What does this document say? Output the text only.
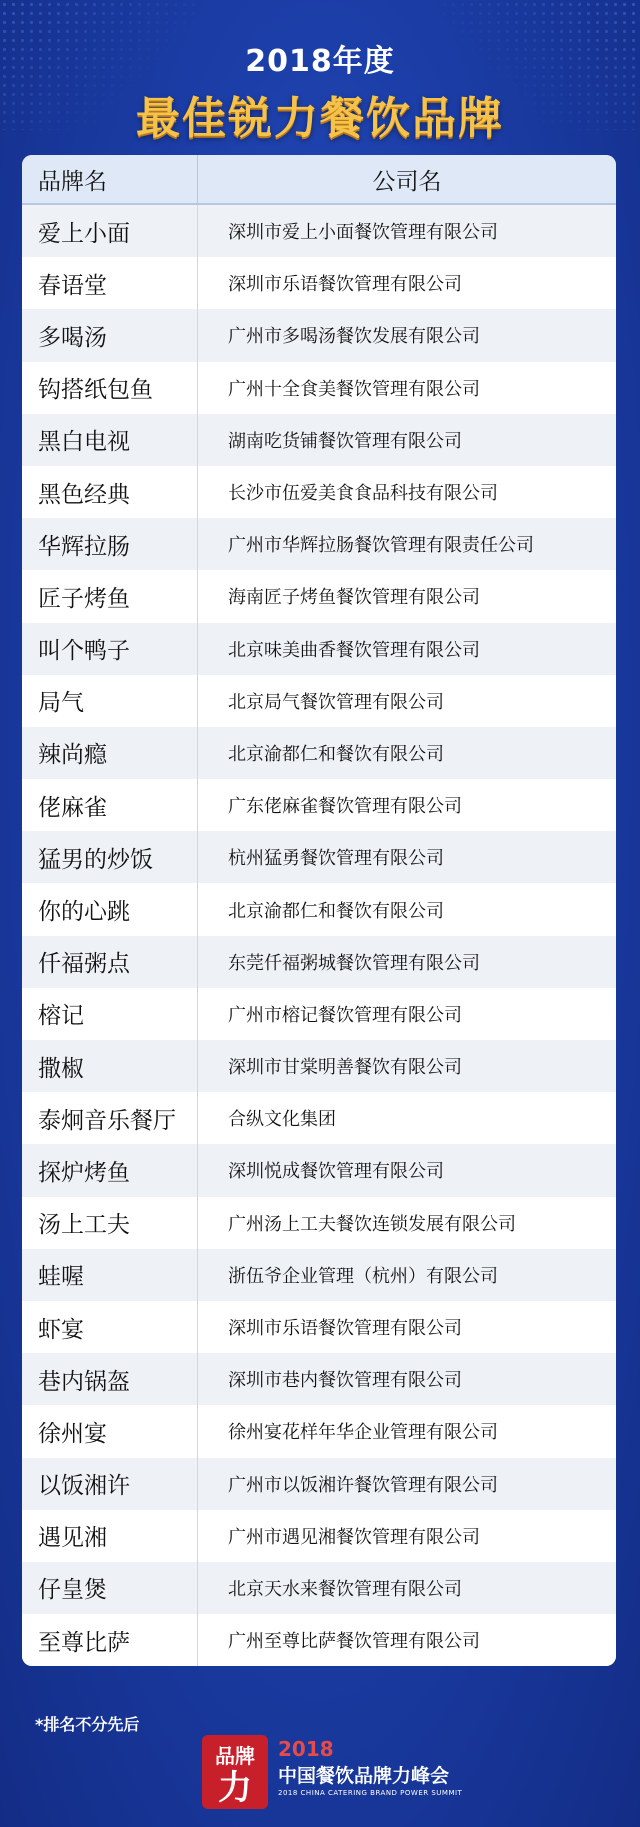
2018年度
最佳锐力餐饮品牌
品牌名	公司名
爱上小面	深圳市爱上小面餐饮管理有限公司
春语堂	深圳市乐语餐饮管理有限公司
多喝汤	广州市多喝汤餐饮发展有限公司
钩搭纸包鱼	广州十全食美餐饮管理有限公司
黑白电视	湖南吃货铺餐饮管理有限公司
黑色经典	长沙市伍爱美食食品科技有限公司
华辉拉肠	广州市华辉拉肠餐饮管理有限责任公司
匠子烤鱼	海南匠子烤鱼餐饮管理有限公司
叫个鸭子	北京味美曲香餐饮管理有限公司
局气	北京局气餐饮管理有限公司
辣尚瘾	北京渝都仁和餐饮有限公司
佬麻雀	广东佬麻雀餐饮管理有限公司
猛男的炒饭	杭州猛勇餐饮管理有限公司
你的心跳	北京渝都仁和餐饮有限公司
仟福粥点	东莞仟福粥城餐饮管理有限公司
榕记	广州市榕记餐饮管理有限公司
撒椒	深圳市甘棠明善餐饮有限公司
泰炯音乐餐厅	合纵文化集团
探炉烤鱼	深圳悦成餐饮管理有限公司
汤上工夫	广州汤上工夫餐饮连锁发展有限公司
蛙喔	浙伍爷企业管理（杭州）有限公司
虾宴	深圳市乐语餐饮管理有限公司
巷内锅盔	深圳市巷内餐饮管理有限公司
徐州宴	徐州宴花样年华企业管理有限公司
以饭湘许	广州市以饭湘许餐饮管理有限公司
遇见湘	广州市遇见湘餐饮管理有限公司
仔皇煲	北京天水来餐饮管理有限公司
至尊比萨	广州至尊比萨餐饮管理有限公司
*排名不分先后
品牌
力
2018
中国餐饮品牌力峰会
2018 CHINA CATERING BRAND POWER SUMMIT
